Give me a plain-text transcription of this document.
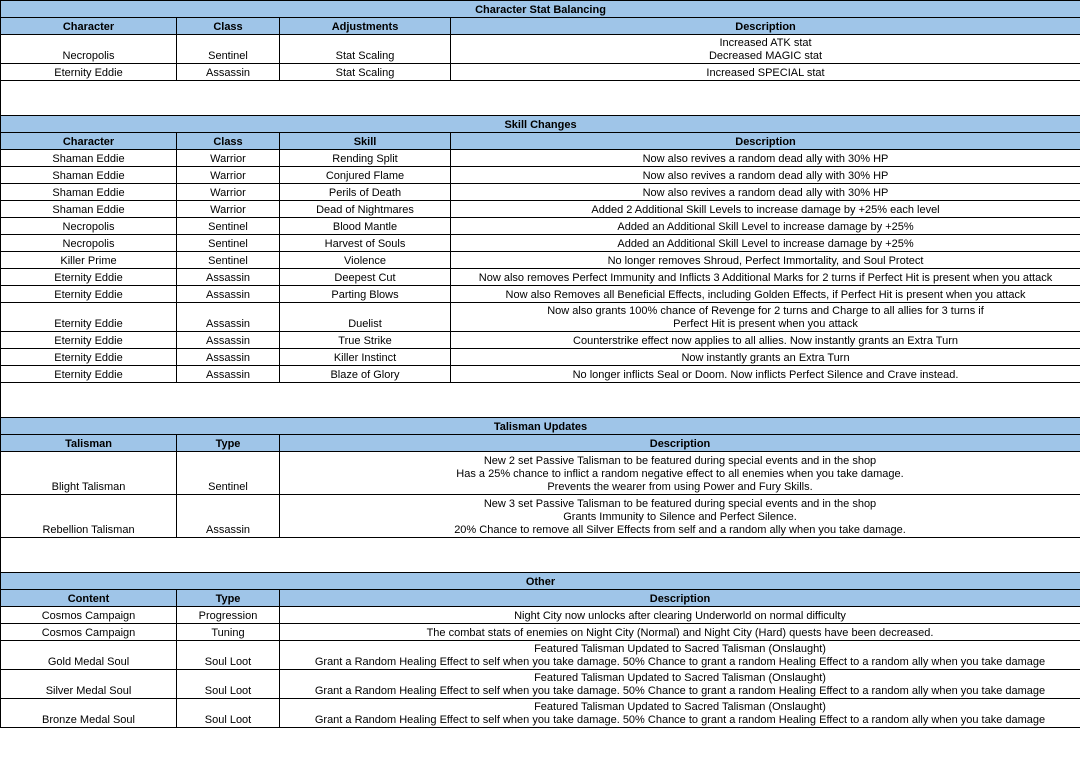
Character Stat Balancing			
Character	Class	Adjustments	Description
Necropolis	Sentinel	Stat Scaling	Increased ATK stat
Decreased MAGIC stat

Eternity Eddie	Assassin	Stat Scaling	Increased SPECIAL stat

Skill Changes			
Character	Class	Skill	Description
Shaman Eddie	Warrior	Rending Split	Now also revives a random dead ally with 30% HP

Shaman Eddie	Warrior	Conjured Flame	Now also revives a random dead ally with 30% HP

Shaman Eddie	Warrior	Perils of Death	Now also revives a random dead ally with 30% HP

Shaman Eddie	Warrior	Dead of Nightmares	Added 2 Additional Skill Levels to increase damage by +25% each level

Necropolis	Sentinel	Blood Mantle	Added an Additional Skill Level to increase damage by +25%

Necropolis	Sentinel	Harvest of Souls	Added an Additional Skill Level to increase damage by +25%

Killer Prime	Sentinel	Violence	No longer removes Shroud, Perfect Immortality, and Soul Protect

Eternity Eddie	Assassin	Deepest Cut	Now also removes Perfect Immunity and Inflicts 3 Additional Marks for 2 turns if Perfect Hit is present when you attack

Eternity Eddie	Assassin	Parting Blows	Now also Removes all Beneficial Effects, including Golden Effects, if Perfect Hit is present when you attack

Eternity Eddie	Assassin	Duelist	Now also grants 100% chance of Revenge for 2 turns and Charge to all allies for 3 turns if
Perfect Hit is present when you attack

Eternity Eddie	Assassin	True Strike	Counterstrike effect now applies to all allies. Now instantly grants an Extra Turn

Eternity Eddie	Assassin	Killer Instinct	Now instantly grants an Extra Turn

Eternity Eddie	Assassin	Blaze of Glory	No longer inflicts Seal or Doom. Now inflicts Perfect Silence and Crave instead.

Talisman Updates			
Talisman	Type	Description	
Blight Talisman	Sentinel	New 2 set Passive Talisman to be featured during special events and in the shop
Has a 25% chance to inflict a random negative effect to all enemies when you take damage.
Prevents the wearer from using Power and Fury Skills.	

Rebellion Talisman	Assassin	New 3 set Passive Talisman to be featured during special events and in the shop
Grants Immunity to Silence and Perfect Silence.
20% Chance to remove all Silver Effects from self and a random ally when you take damage.	

Other			
Content	Type	Description	
Cosmos Campaign	Progression	Night City now unlocks after clearing Underworld on normal difficulty	

Cosmos Campaign	Tuning	The combat stats of enemies on Night City (Normal) and Night City (Hard) quests have been decreased.	

Gold Medal Soul	Soul Loot	Featured Talisman Updated to Sacred Talisman (Onslaught)
Grant a Random Healing Effect to self when you take damage. 50% Chance to grant a random Healing Effect to a random ally when you take damage	

Silver Medal Soul	Soul Loot	Featured Talisman Updated to Sacred Talisman (Onslaught)
Grant a Random Healing Effect to self when you take damage. 50% Chance to grant a random Healing Effect to a random ally when you take damage	

Bronze Medal Soul	Soul Loot	Featured Talisman Updated to Sacred Talisman (Onslaught)
Grant a Random Healing Effect to self when you take damage. 50% Chance to grant a random Healing Effect to a random ally when you take damage	
